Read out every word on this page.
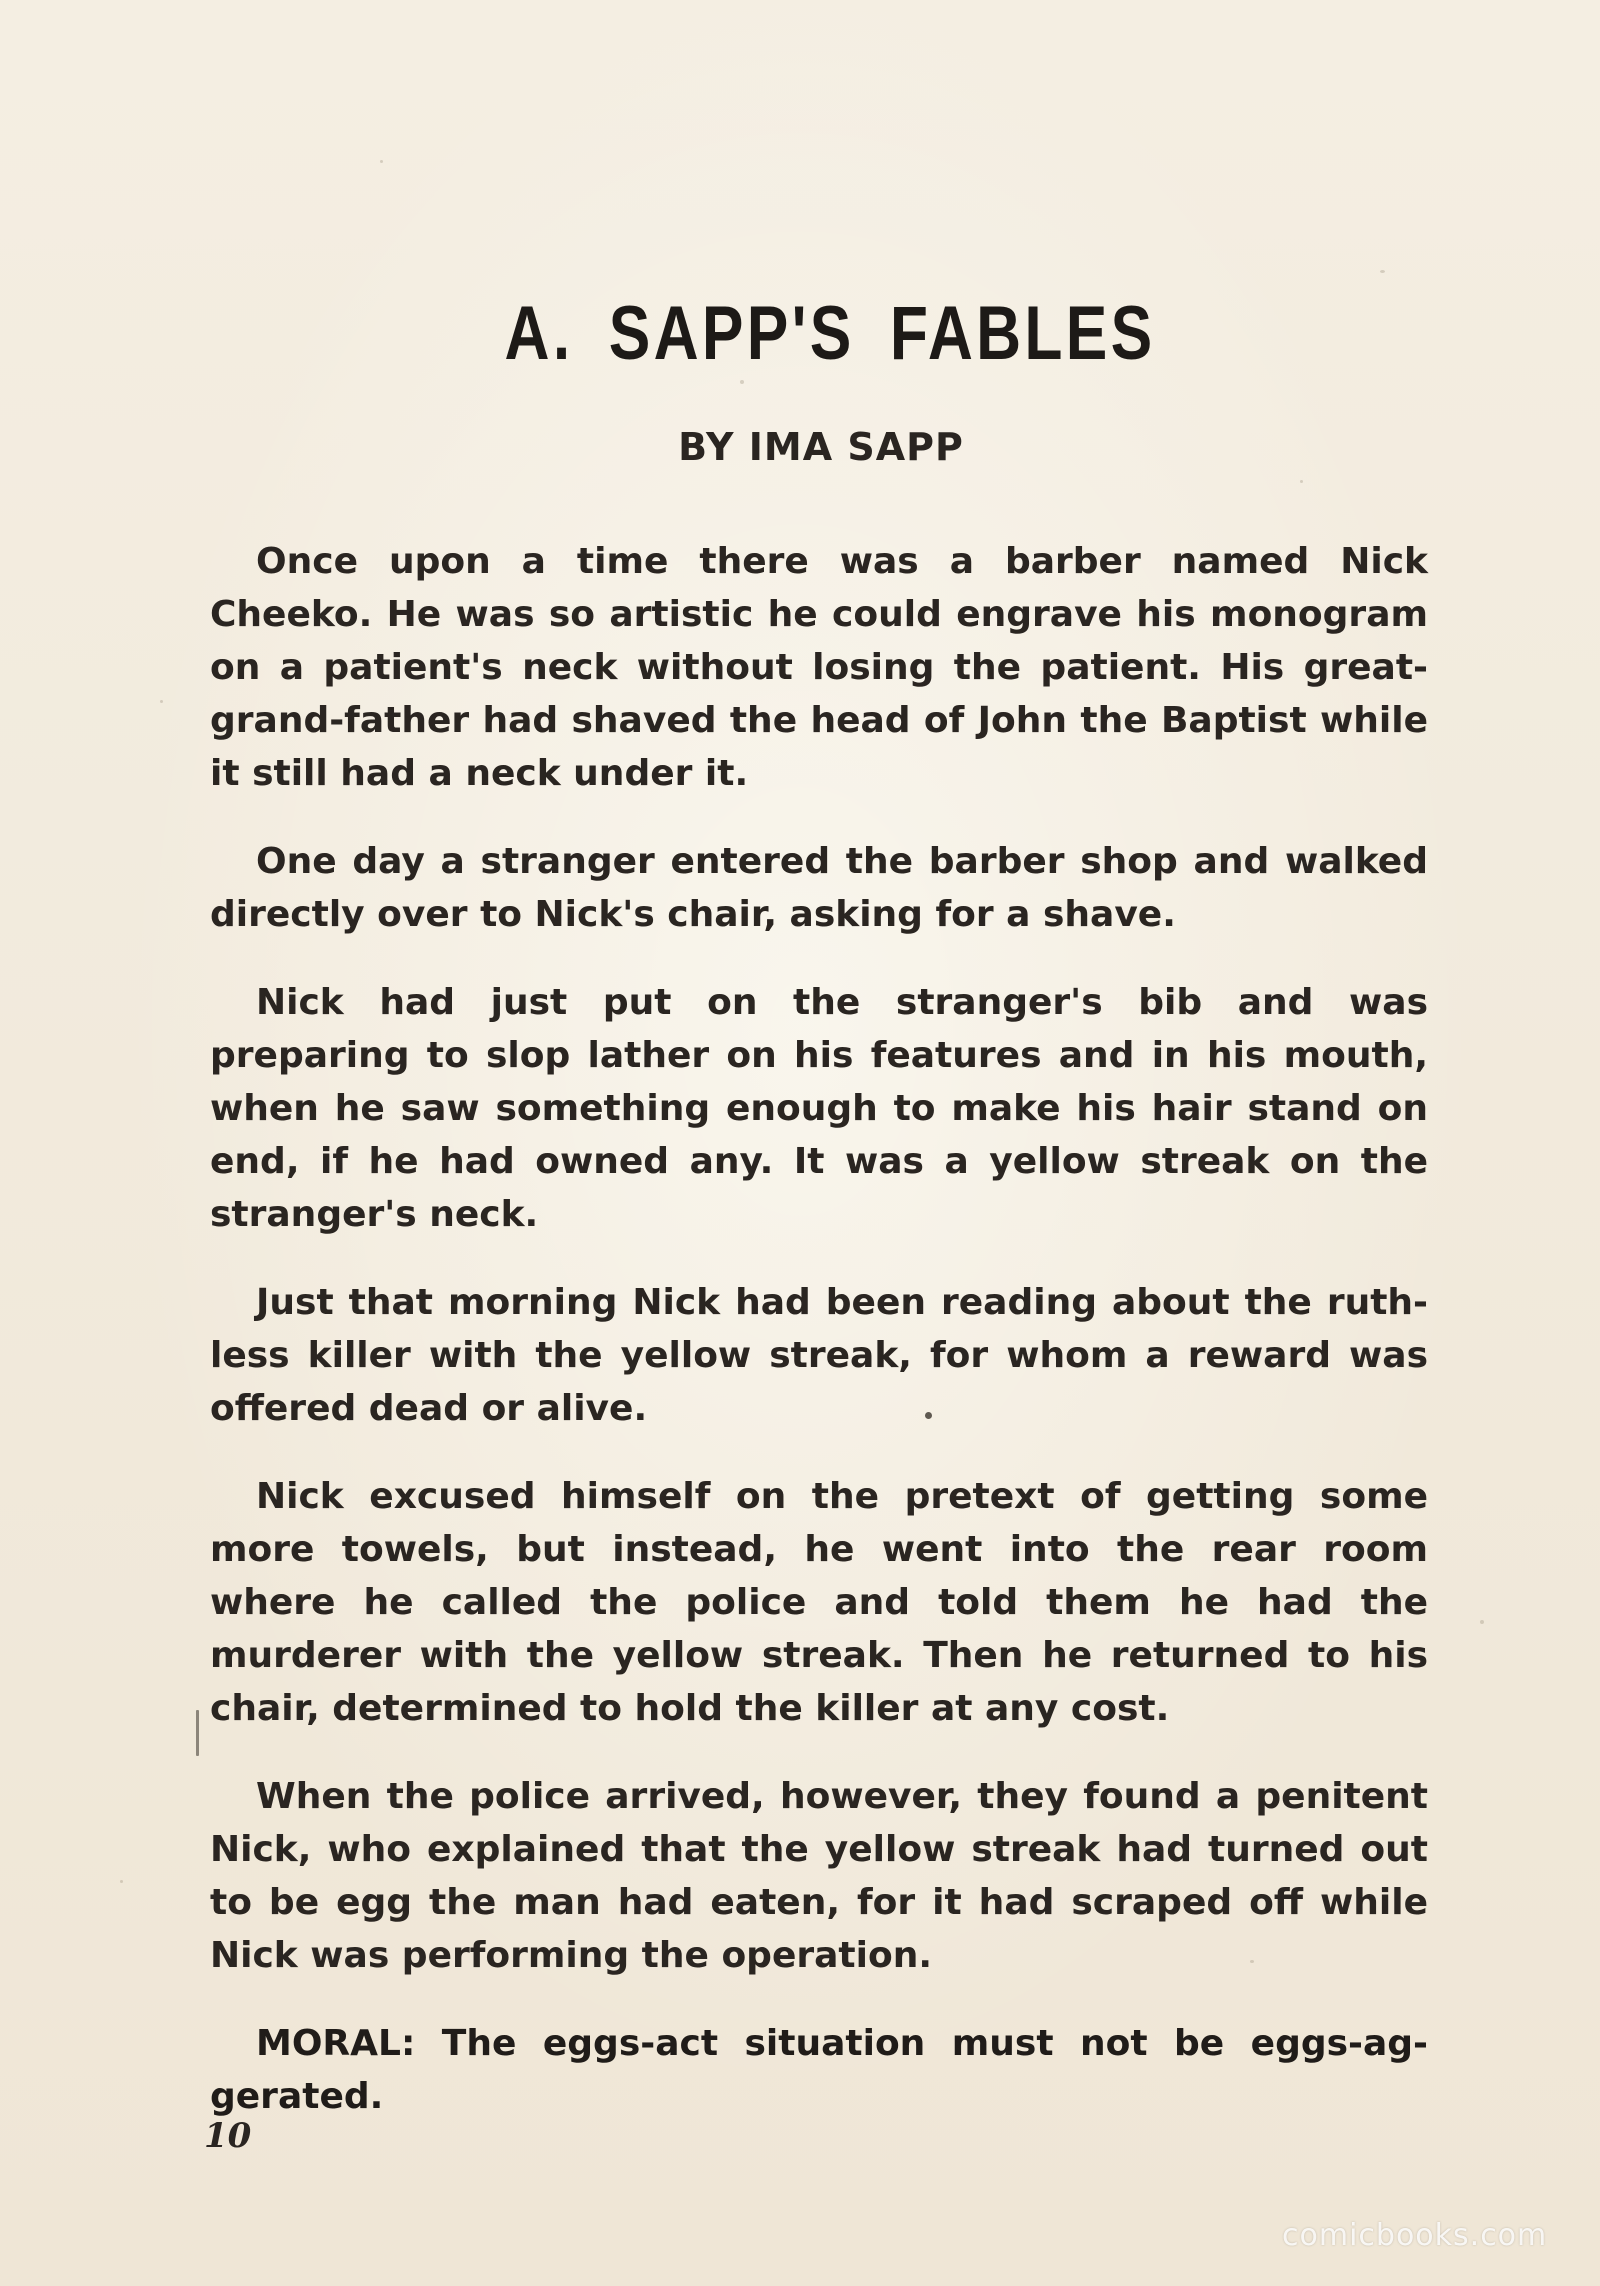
A. SAPP'S FABLES
BY IMA SAPP

Once upon a time there was a barber named Nick Cheeko. He was so artistic he could engrave his monogram on a patient's neck without losing the patient. His great-grand-father had shaved the head of John the Baptist while it still had a neck under it.

One day a stranger entered the barber shop and walked directly over to Nick's chair, asking for a shave.

Nick had just put on the stranger's bib and was preparing to slop lather on his features and in his mouth, when he saw something enough to make his hair stand on end, if he had owned any. It was a yellow streak on the stranger's neck.

Just that morning Nick had been reading about the ruth-less killer with the yellow streak, for whom a reward was offered dead or alive.

Nick excused himself on the pretext of getting some more towels, but instead, he went into the rear room where he called the police and told them he had the murderer with the yellow streak. Then he returned to his chair, determined to hold the killer at any cost.

When the police arrived, however, they found a penitent Nick, who explained that the yellow streak had turned out to be egg the man had eaten, for it had scraped off while Nick was performing the operation.

MORAL: The eggs-act situation must not be eggs-ag-gerated.

10
comicbooks.com
